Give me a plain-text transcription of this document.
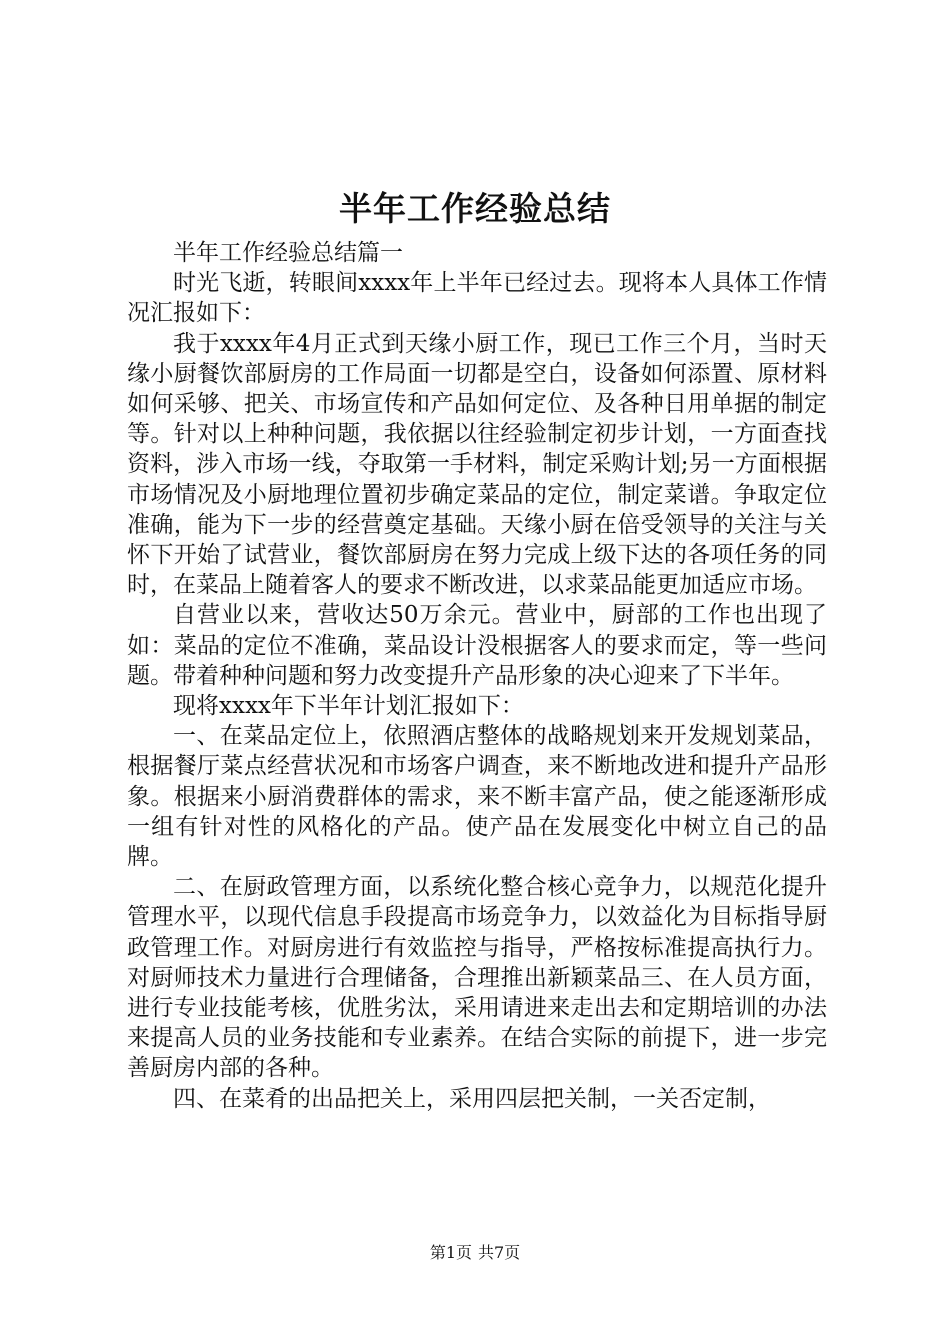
半年工作经验总结

半年工作经验总结篇一

时光飞逝，转眼间xxxx年上半年已经过去。现将本人具体工作情况汇报如下：

我于xxxx年4月正式到天缘小厨工作，现已工作三个月，当时天缘小厨餐饮部厨房的工作局面一切都是空白，设备如何添置、原材料如何采够、把关、市场宣传和产品如何定位、及各种日用单据的制定等。针对以上种种问题，我依据以往经验制定初步计划，一方面查找资料，涉入市场一线，夺取第一手材料，制定采购计划;另一方面根据市场情况及小厨地理位置初步确定菜品的定位，制定菜谱。争取定位准确，能为下一步的经营奠定基础。天缘小厨在倍受领导的关注与关怀下开始了试营业，餐饮部厨房在努力完成上级下达的各项任务的同时，在菜品上随着客人的要求不断改进，以求菜品能更加适应市场。

自营业以来，营收达50万余元。营业中，厨部的工作也出现了如：菜品的定位不准确，菜品设计没根据客人的要求而定，等一些问题。带着种种问题和努力改变提升产品形象的决心迎来了下半年。

现将xxxx年下半年计划汇报如下：

一、在菜品定位上，依照酒店整体的战略规划来开发规划菜品，根据餐厅菜点经营状况和市场客户调查，来不断地改进和提升产品形象。根据来小厨消费群体的需求，来不断丰富产品，使之能逐渐形成一组有针对性的风格化的产品。使产品在发展变化中树立自己的品牌。

二、在厨政管理方面，以系统化整合核心竞争力，以规范化提升管理水平，以现代信息手段提高市场竞争力，以效益化为目标指导厨政管理工作。对厨房进行有效监控与指导，严格按标准提高执行力。对厨师技术力量进行合理储备，合理推出新颖菜品三、在人员方面，进行专业技能考核，优胜劣汰，采用请进来走出去和定期培训的办法来提高人员的业务技能和专业素养。在结合实际的前提下，进一步完善厨房内部的各种。

四、在菜肴的出品把关上，采用四层把关制，一关否定制，

第1页 共7页
